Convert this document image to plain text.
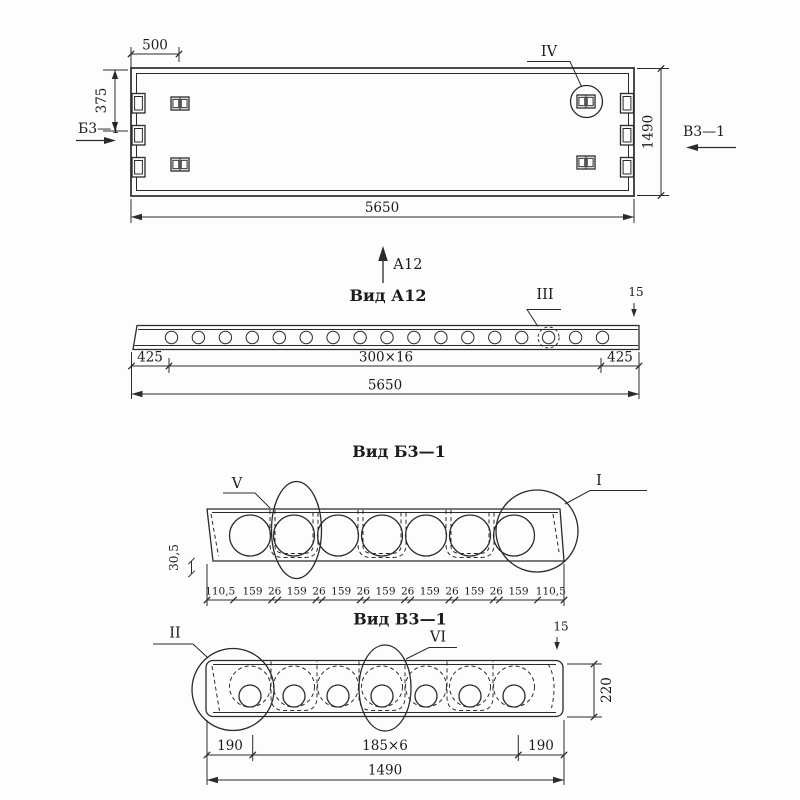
IV
500
375
Б3—1	В3—1
1490
5650
А12
Вид А12	III	15
425	300×16	425
5650
Вид Б3—1
V	I
30,5
110,5 159 26 159 26 159 26 159 26 159 26 159 26 159 110,5
Вид В3—1
II	VI
15
220
190	185×6	190
1490
